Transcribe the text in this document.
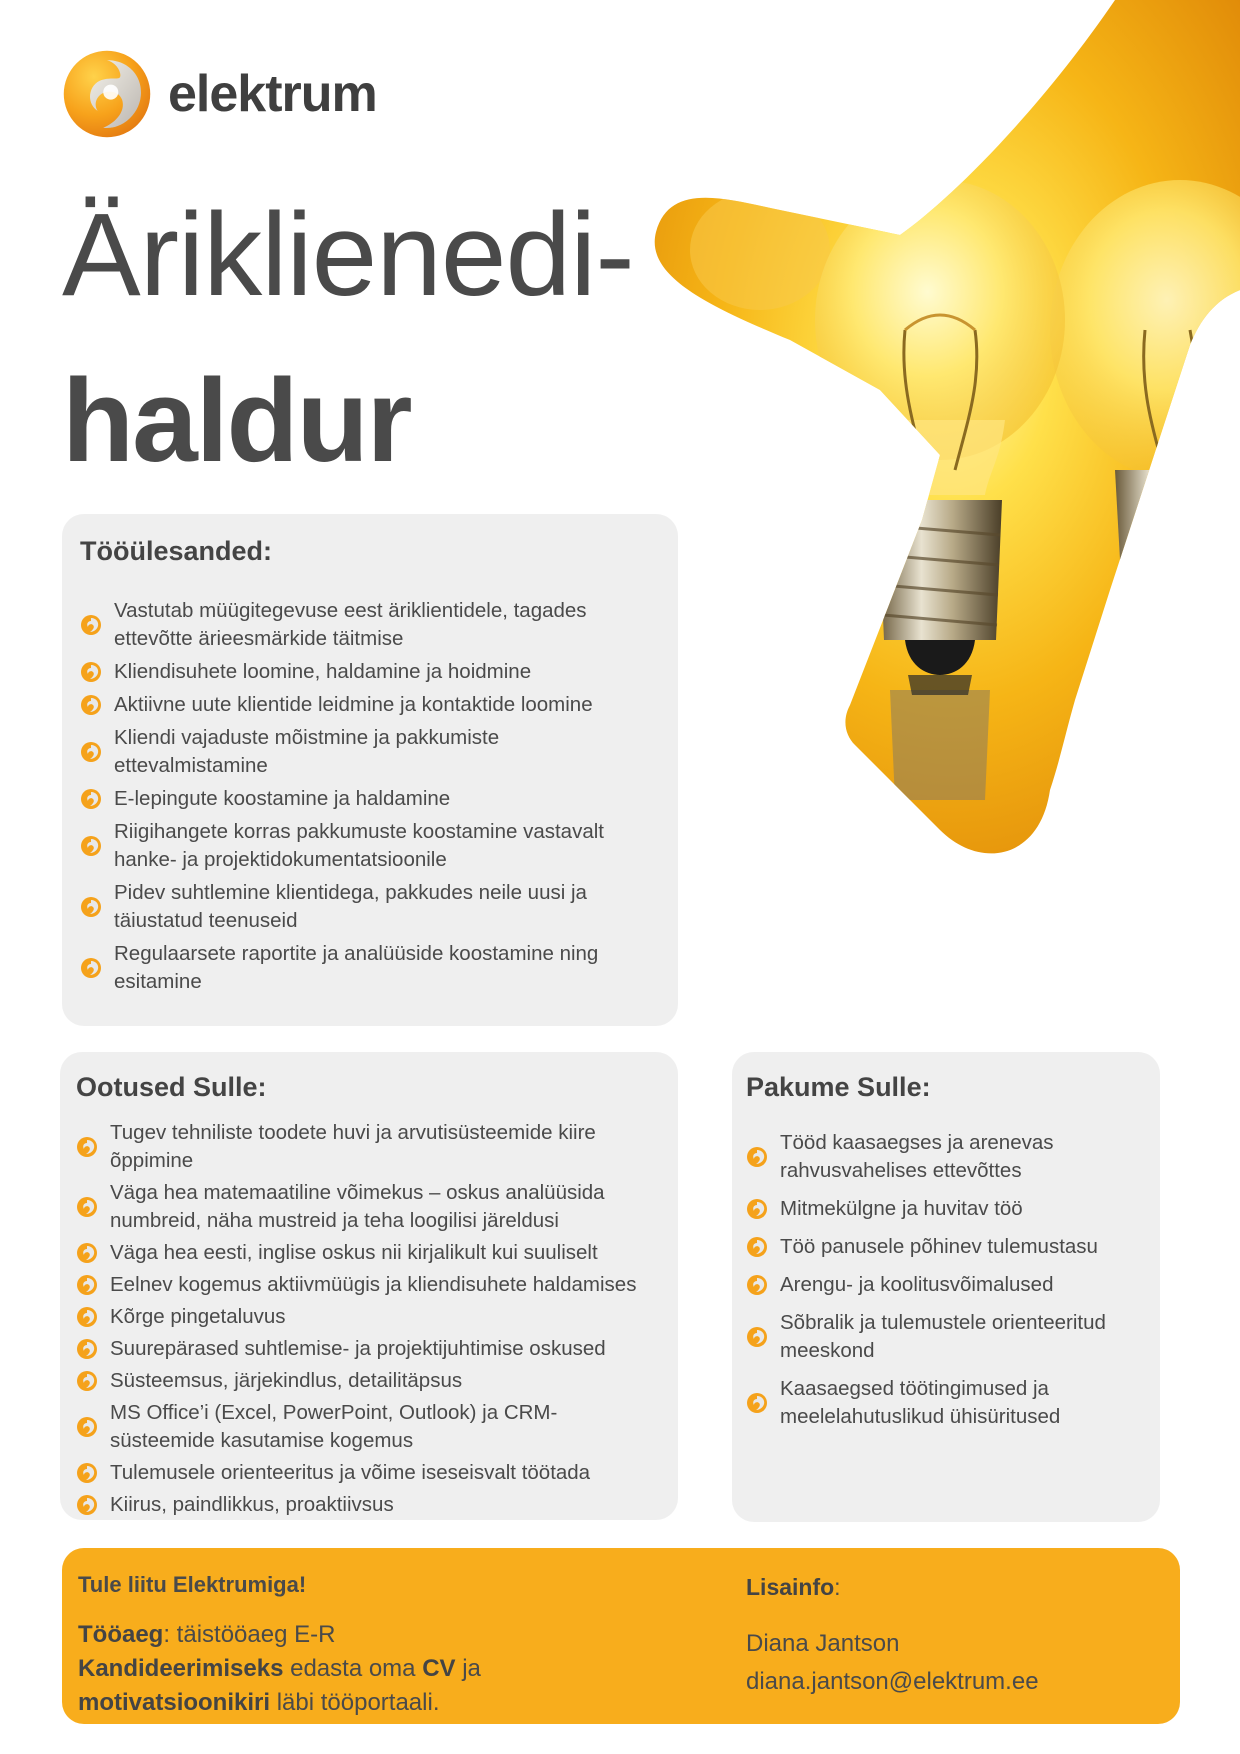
elektrum
Äriklienedi-
haldur
Tööülesanded:
Vastutab müügitegevuse eest äriklientidele, tagades ettevõtte ärieesmärkide täitmise
Kliendisuhete loomine, haldamine ja hoidmine
Aktiivne uute klientide leidmine ja kontaktide loomine
Kliendi vajaduste mõistmine ja pakkumiste ettevalmistamine
E-lepingute koostamine ja haldamine
Riigihangete korras pakkumuste koostamine vastavalt hanke- ja projektidokumentatsioonile
Pidev suhtlemine klientidega, pakkudes neile uusi ja täiustatud teenuseid
Regulaarsete raportite ja analüüside koostamine ning esitamine
Ootused Sulle:
Tugev tehniliste toodete huvi ja arvutisüsteemide kiire õppimine
Väga hea matemaatiline võimekus – oskus analüüsida numbreid, näha mustreid ja teha loogilisi järeldusi
Väga hea eesti, inglise oskus nii kirjalikult kui suuliselt
Eelnev kogemus aktiivmüügis ja kliendisuhete haldamises
Kõrge pingetaluvus
Suurepärased suhtlemise- ja projektijuhtimise oskused
Süsteemsus, järjekindlus, detailitäpsus
MS Office’i (Excel, PowerPoint, Outlook) ja CRM-süsteemide kasutamise kogemus
Tulemusele orienteeritus ja võime iseseisvalt töötada
Kiirus, paindlikkus, proaktiivsus
Pakume Sulle:
Tööd kaasaegses ja arenevas rahvusvahelises ettevõttes
Mitmekülgne ja huvitav töö
Töö panusele põhinev tulemustasu
Arengu- ja koolitusvõimalused
Sõbralik ja tulemustele orienteeritud meeskond
Kaasaegsed töötingimused ja meelelahutuslikud ühisüritused
Tule liitu Elektrumiga!
Tööaeg: täistööaeg E-R
Kandideerimiseks edasta oma CV ja
motivatsioonikiri läbi tööportaali.
Lisainfo:
Diana Jantson
diana.jantson@elektrum.ee
